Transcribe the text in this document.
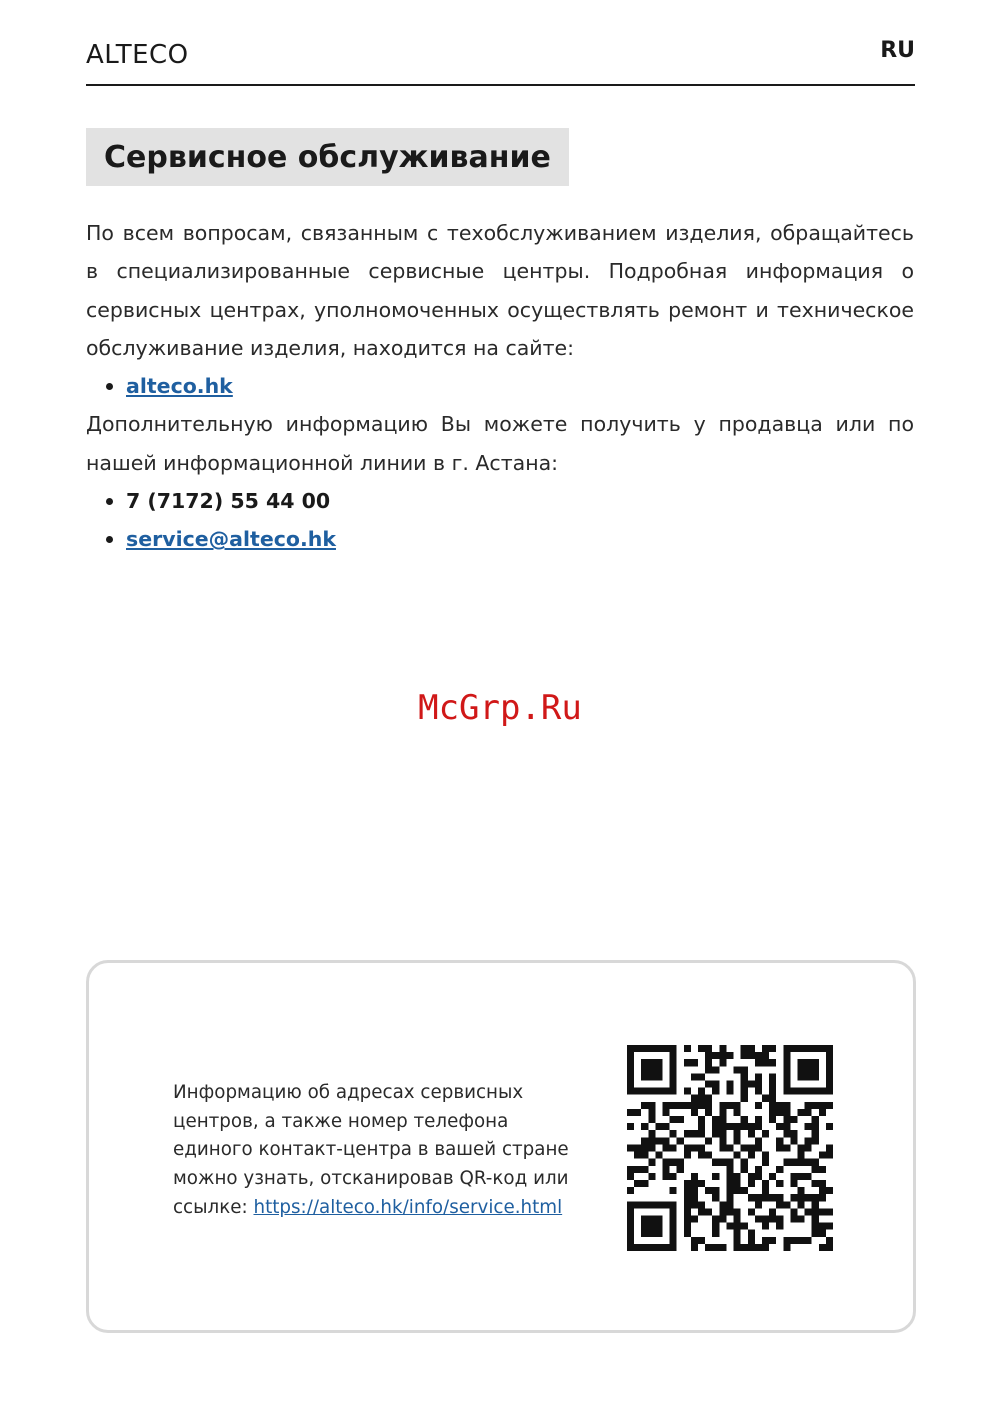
ALTECO	RU
Сервисное обслуживание

По всем вопросам, связанным с техобслуживанием изделия, обращайтесь в специализированные сервисные центры. Подробная информация о сервисных центрах, уполномоченных осуществлять ремонт и техническое обслуживание изделия, находится на сайте:

alteco.hk

Дополнительную информацию Вы можете получить у продавца или по нашей информационной линии в г. Астана:

7 (7172) 55 44 00
service@alteco.hk
McGrp.Ru
Информацию об адресах сервисных центров, а также номер телефона единого контакт-центра в вашей стране можно узнать, отсканировав QR-код или ссылке: https://alteco.hk/info/service.html
